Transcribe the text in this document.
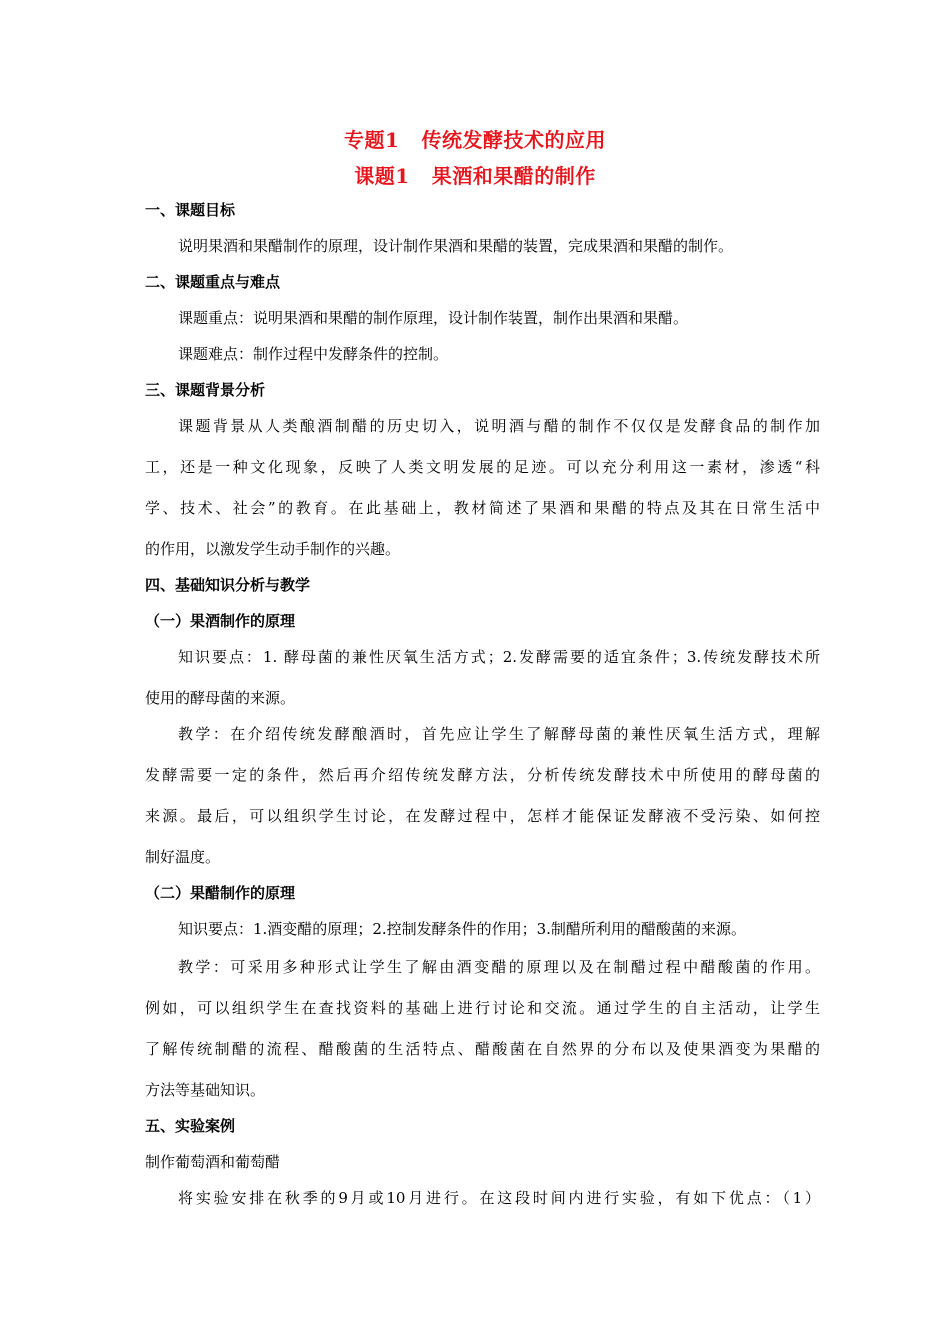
专题1 传统发酵技术的应用
课题1 果酒和果醋的制作
一、课题目标
说明果酒和果醋制作的原理，设计制作果酒和果醋的装置，完成果酒和果醋的制作。
二、课题重点与难点
课题重点：说明果酒和果醋的制作原理，设计制作装置，制作出果酒和果醋。
课题难点：制作过程中发酵条件的控制。
三、课题背景分析
课题背景从人类酿酒制醋的历史切入，说明酒与醋的制作不仅仅是发酵食品的制作加
工，还是一种文化现象，反映了人类文明发展的足迹。可以充分利用这一素材，渗透“科
学、技术、社会”的教育。在此基础上，教材简述了果酒和果醋的特点及其在日常生活中
的作用，以激发学生动手制作的兴趣。
四、基础知识分析与教学
（一）果酒制作的原理
知识要点：1. 酵母菌的兼性厌氧生活方式；2.发酵需要的适宜条件；3.传统发酵技术所
使用的酵母菌的来源。
教学：在介绍传统发酵酿酒时，首先应让学生了解酵母菌的兼性厌氧生活方式，理解
发酵需要一定的条件，然后再介绍传统发酵方法，分析传统发酵技术中所使用的酵母菌的
来源。最后，可以组织学生讨论，在发酵过程中，怎样才能保证发酵液不受污染、如何控
制好温度。
（二）果醋制作的原理
知识要点：1.酒变醋的原理；2.控制发酵条件的作用；3.制醋所利用的醋酸菌的来源。
教学：可采用多种形式让学生了解由酒变醋的原理以及在制醋过程中醋酸菌的作用。
例如，可以组织学生在查找资料的基础上进行讨论和交流。通过学生的自主活动，让学生
了解传统制醋的流程、醋酸菌的生活特点、醋酸菌在自然界的分布以及使果酒变为果醋的
方法等基础知识。
五、实验案例
制作葡萄酒和葡萄醋
将实验安排在秋季的9月或10月进行。在这段时间内进行实验，有如下优点：（1）
